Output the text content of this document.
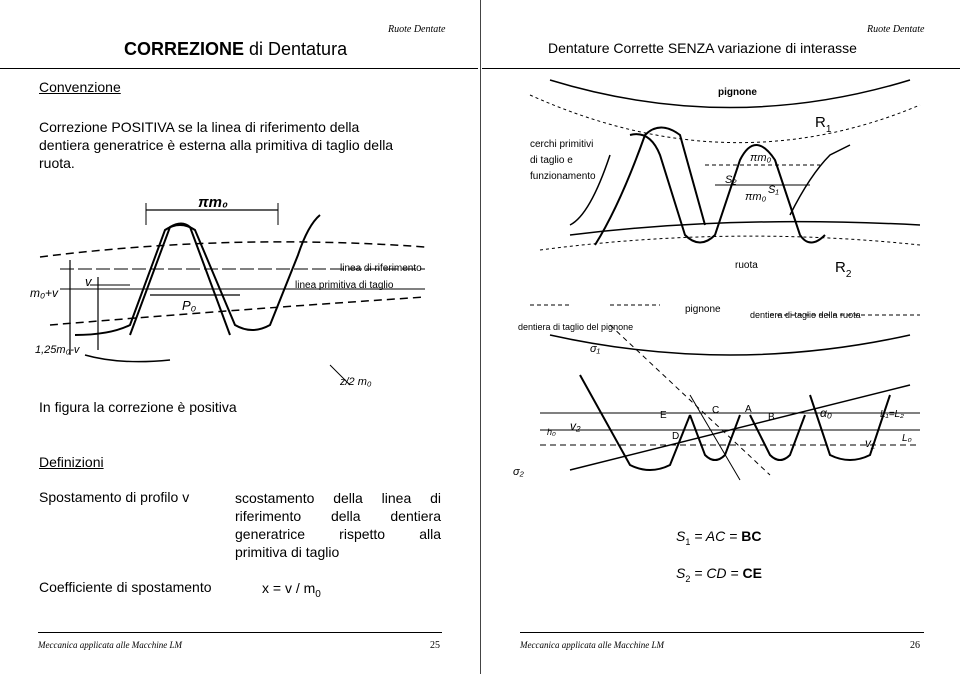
Ruote Dentate
CORREZIONE di Dentatura
Convenzione
Correzione POSITIVA se la linea di riferimento della
dentiera generatrice è esterna alla primitiva di taglio della
ruota.
πm₀
linea di riferimento
linea primitiva di taglio
v
P₀
m₀+v
1,25m₀-v
z/2 m₀
In figura la correzione è positiva
Definizioni
Spostamento di profilo v	scostamento della linea di
riferimento della dentiera
generatrice rispetto alla
primitiva di taglio
Coefficiente di spostamento	$x = v / m_0$
Meccanica applicata alle Macchine LM	25
Ruote Dentate
Dentature Corrette SENZA variazione di interasse
pignone
$R_1$
cerchi primitivi
di taglio e
funzionamento
πm₀
πm₀
S₂
S₁
ruota	$R_2$
pignone
dentiera di taglio del pignone
dentiera di taglio della ruota
σ₁
σ₂
E	C	A
B
D
α₀	L₁=L₂
L₀
v₂
v₁
h₀
$S_1$ = AC = BC
$S_2$ = CD = CE
Meccanica applicata alle Macchine LM	26
